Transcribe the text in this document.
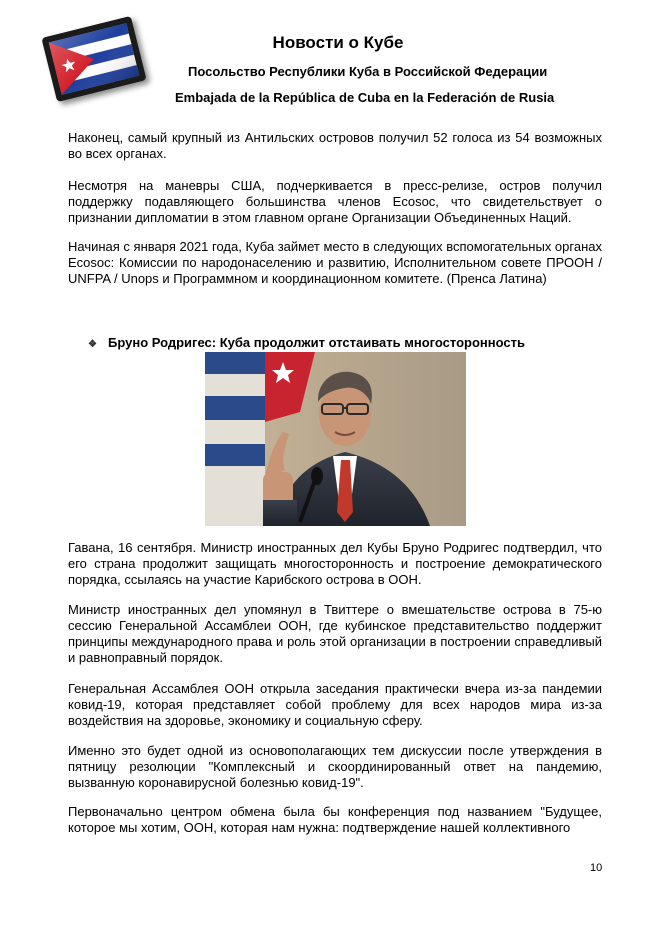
Новости о Кубе
Посольство Республики Куба в Российской Федерации
Embajada de la República de Cuba en la Federación de Rusia

Наконец, самый крупный из Антильских островов получил 52 голоса из 54 возможных во всех органах.

Несмотря на маневры США, подчеркивается в пресс-релизе, остров получил поддержку подавляющего большинства членов Ecosoc, что свидетельствует о признании дипломатии в этом главном органе Организации Объединенных Наций.

Начиная с января 2021 года, Куба займет место в следующих вспомогательных органах Ecosoc: Комиссии по народонаселению и развитию, Исполнительном совете ПРООН / UNFPA / Unops и Программном и координационном комитете. (Пренса Латина)

❖ Бруно Родригес: Куба продолжит отстаивать многосторонность

Гавана, 16 сентября. Министр иностранных дел Кубы Бруно Родригес подтвердил, что его страна продолжит защищать многосторонность и построение демократического порядка, ссылаясь на участие Карибского острова в ООН.

Министр иностранных дел упомянул в Твиттере о вмешательстве острова в 75-ю сессию Генеральной Ассамблеи ООН, где кубинское представительство поддержит принципы международного права и роль этой организации в построении справедливый и равноправный порядок.

Генеральная Ассамблея ООН открыла заседания практически вчера из-за пандемии ковид-19, которая представляет собой проблему для всех народов мира из-за воздействия на здоровье, экономику и социальную сферу.

Именно это будет одной из основополагающих тем дискуссии после утверждения в пятницу резолюции "Комплексный и скоординированный ответ на пандемию, вызванную коронавирусной болезнью ковид-19".

Первоначально центром обмена была бы конференция под названием "Будущее, которое мы хотим, ООН, которая нам нужна: подтверждение нашей коллективного

10
